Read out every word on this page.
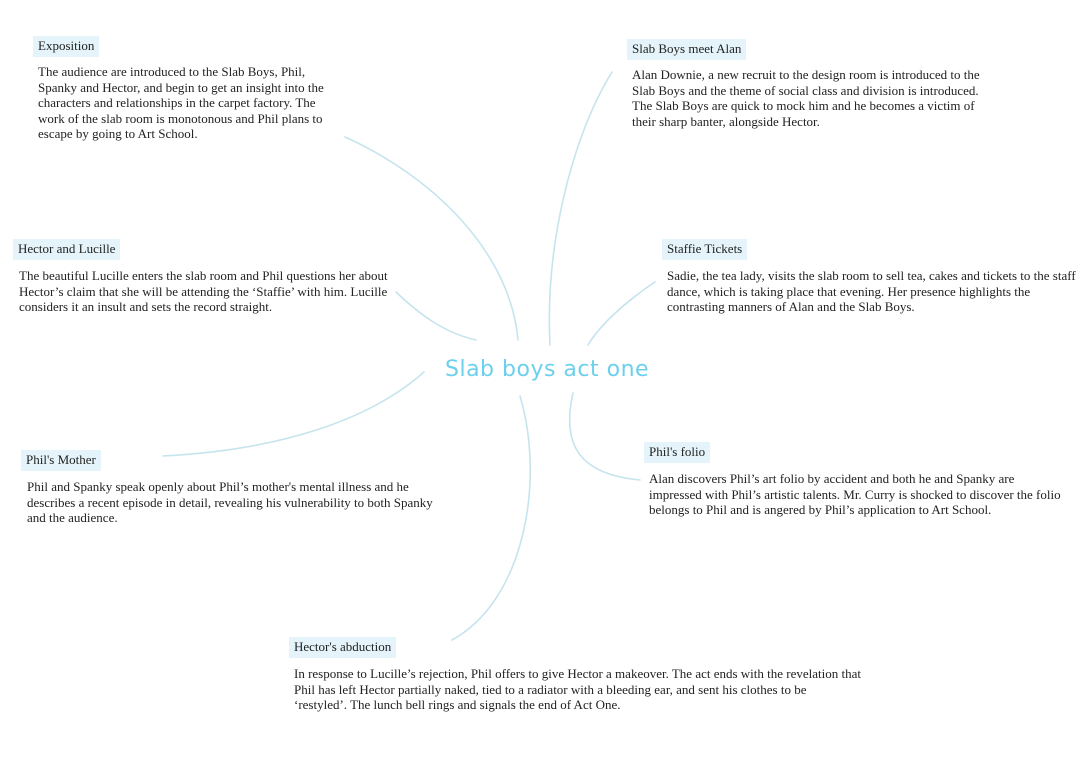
Slab boys act one
Exposition
The audience are introduced to the Slab Boys, Phil, Spanky and Hector, and begin to get an insight into the characters and relationships in the carpet factory. The work of the slab room is monotonous and Phil plans to escape by going to Art School.
Slab Boys meet Alan
Alan Downie, a new recruit to the design room is introduced to the Slab Boys and the theme of social class and division is introduced. The Slab Boys are quick to mock him and he becomes a victim of their sharp banter, alongside Hector.
Hector and Lucille
The beautiful Lucille enters the slab room and Phil questions her about Hector’s claim that she will be attending the ‘Staffie’ with him. Lucille considers it an insult and sets the record straight.
Staffie Tickets
Sadie, the tea lady, visits the slab room to sell tea, cakes and tickets to the staff dance, which is taking place that evening. Her presence highlights the contrasting manners of Alan and the Slab Boys.
Phil's Mother
Phil and Spanky speak openly about Phil’s mother's mental illness and he describes a recent episode in detail, revealing his vulnerability to both Spanky and the audience.
Phil's folio
Alan discovers Phil’s art folio by accident and both he and Spanky are impressed with Phil’s artistic talents. Mr. Curry is shocked to discover the folio belongs to Phil and is angered by Phil’s application to Art School.
Hector's abduction
In response to Lucille’s rejection, Phil offers to give Hector a makeover. The act ends with the revelation that Phil has left Hector partially naked, tied to a radiator with a bleeding ear, and sent his clothes to be ‘restyled’. The lunch bell rings and signals the end of Act One.
